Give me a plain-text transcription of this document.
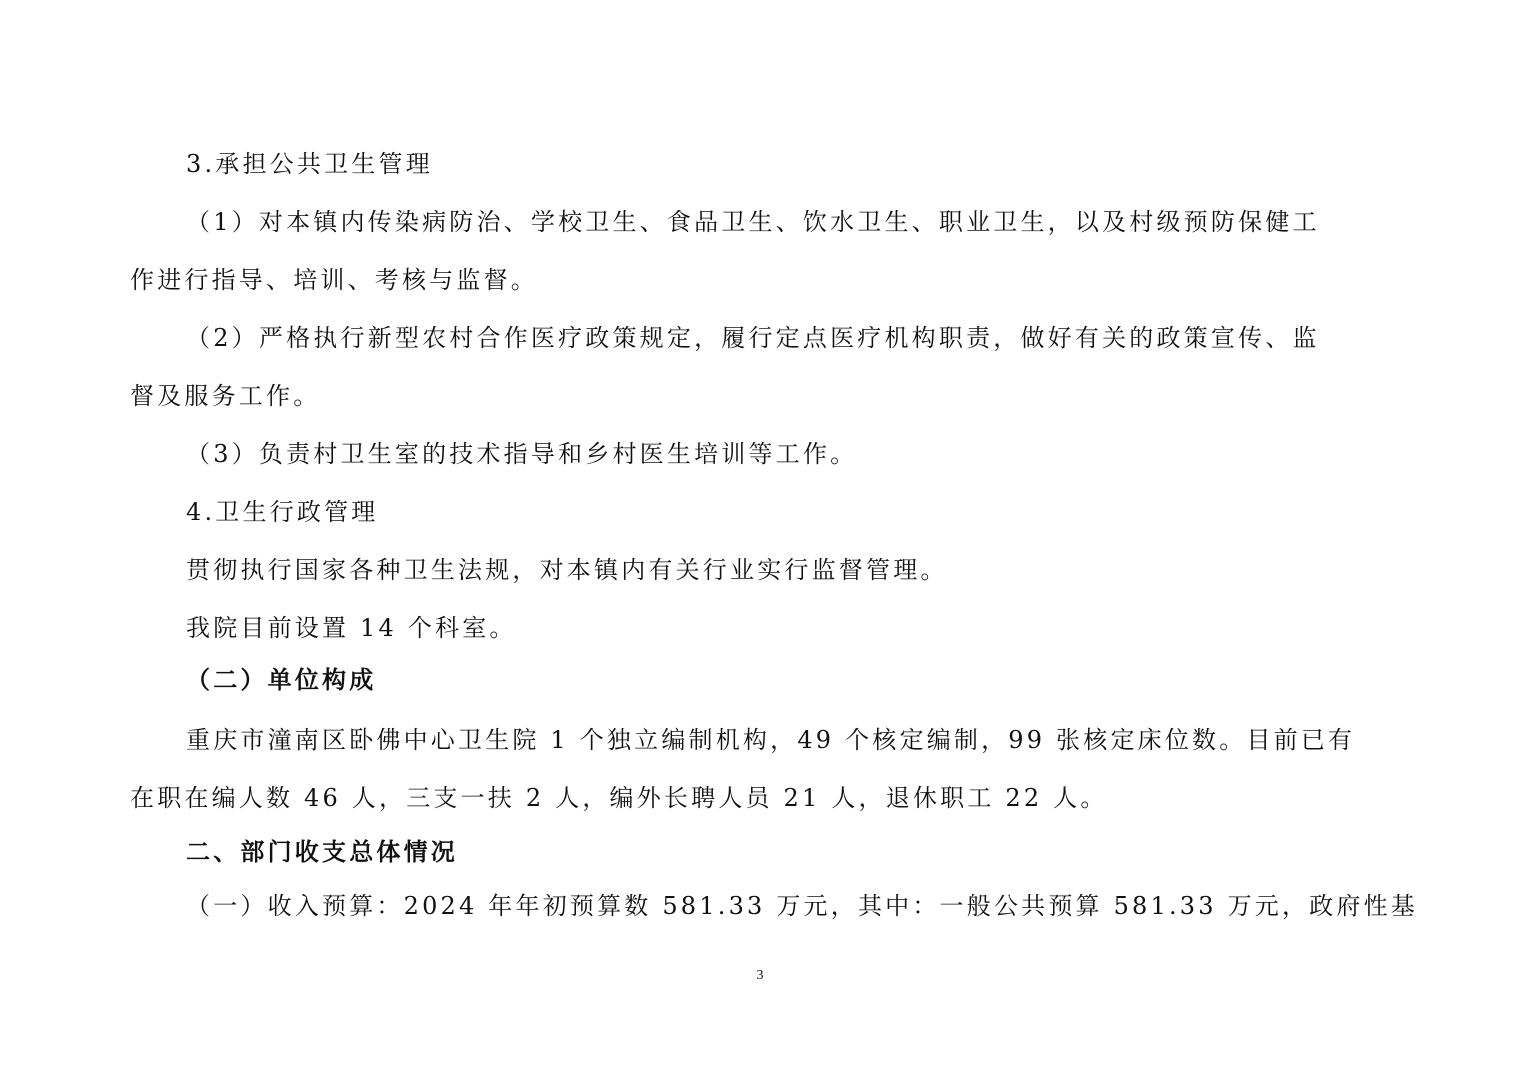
3.承担公共卫生管理
（1）对本镇内传染病防治、学校卫生、食品卫生、饮水卫生、职业卫生，以及村级预防保健工
作进行指导、培训、考核与监督。
（2）严格执行新型农村合作医疗政策规定，履行定点医疗机构职责，做好有关的政策宣传、监
督及服务工作。
（3）负责村卫生室的技术指导和乡村医生培训等工作。
4.卫生行政管理
贯彻执行国家各种卫生法规，对本镇内有关行业实行监督管理。
我院目前设置 14 个科室。
（二）单位构成
重庆市潼南区卧佛中心卫生院 1 个独立编制机构，49 个核定编制，99 张核定床位数。目前已有
在职在编人数 46 人，三支一扶 2 人，编外长聘人员 21 人，退休职工 22 人。
二、部门收支总体情况
（一）收入预算：2024 年年初预算数 581.33 万元，其中：一般公共预算 581.33 万元，政府性基
3
